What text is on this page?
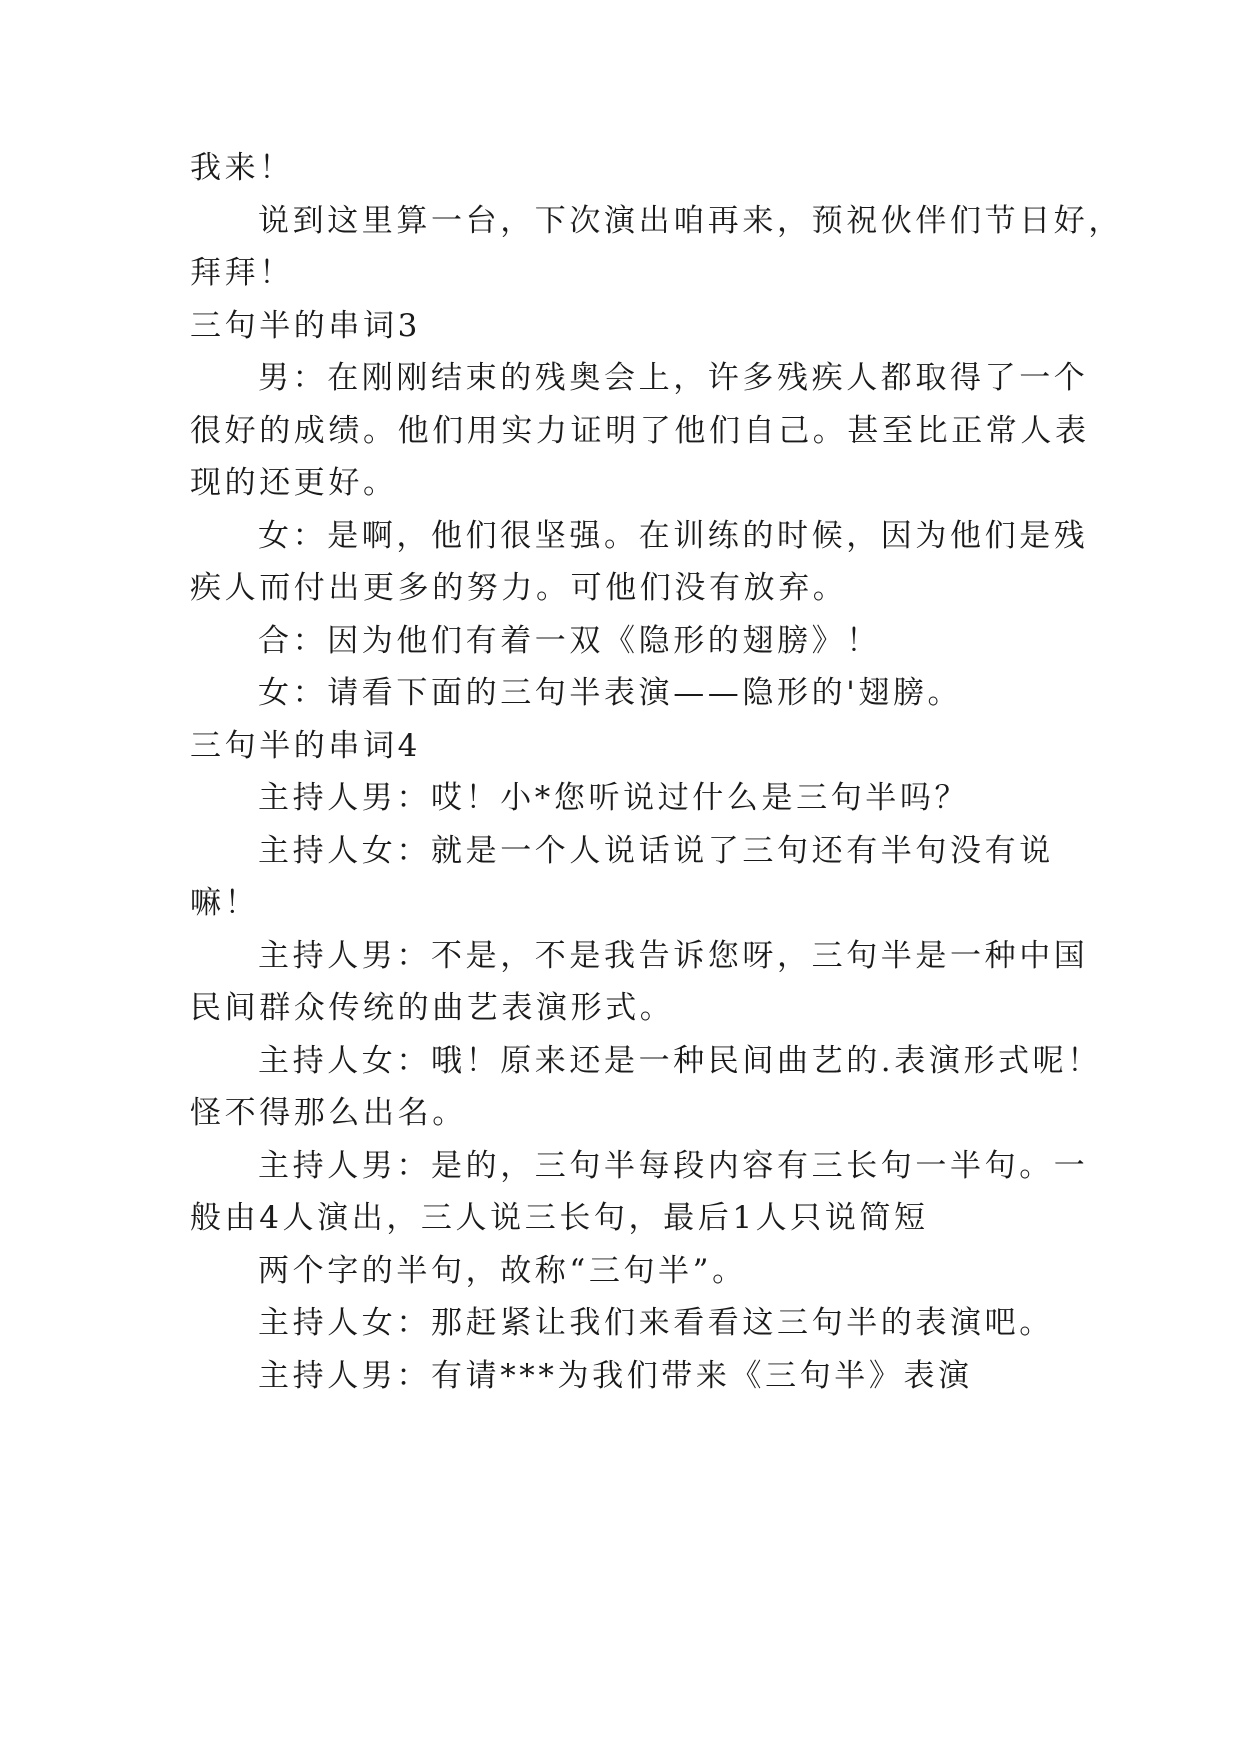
我来！
说到这里算一台，下次演出咱再来，预祝伙伴们节日好，
拜拜！
三句半的串词3
男：在刚刚结束的残奥会上，许多残疾人都取得了一个
很好的成绩。他们用实力证明了他们自己。甚至比正常人表
现的还更好。
女：是啊，他们很坚强。在训练的时候，因为他们是残
疾人而付出更多的努力。可他们没有放弃。
合：因为他们有着一双《隐形的翅膀》！
女：请看下面的三句半表演——隐形的'翅膀。
三句半的串词4
主持人男：哎！小*您听说过什么是三句半吗？
主持人女：就是一个人说话说了三句还有半句没有说
嘛！
主持人男：不是，不是我告诉您呀，三句半是一种中国
民间群众传统的曲艺表演形式。
主持人女：哦！原来还是一种民间曲艺的.表演形式呢！
怪不得那么出名。
主持人男：是的，三句半每段内容有三长句一半句。一
般由4人演出，三人说三长句，最后1人只说简短
两个字的半句，故称“三句半”。
主持人女：那赶紧让我们来看看这三句半的表演吧。
主持人男：有请***为我们带来《三句半》表演
